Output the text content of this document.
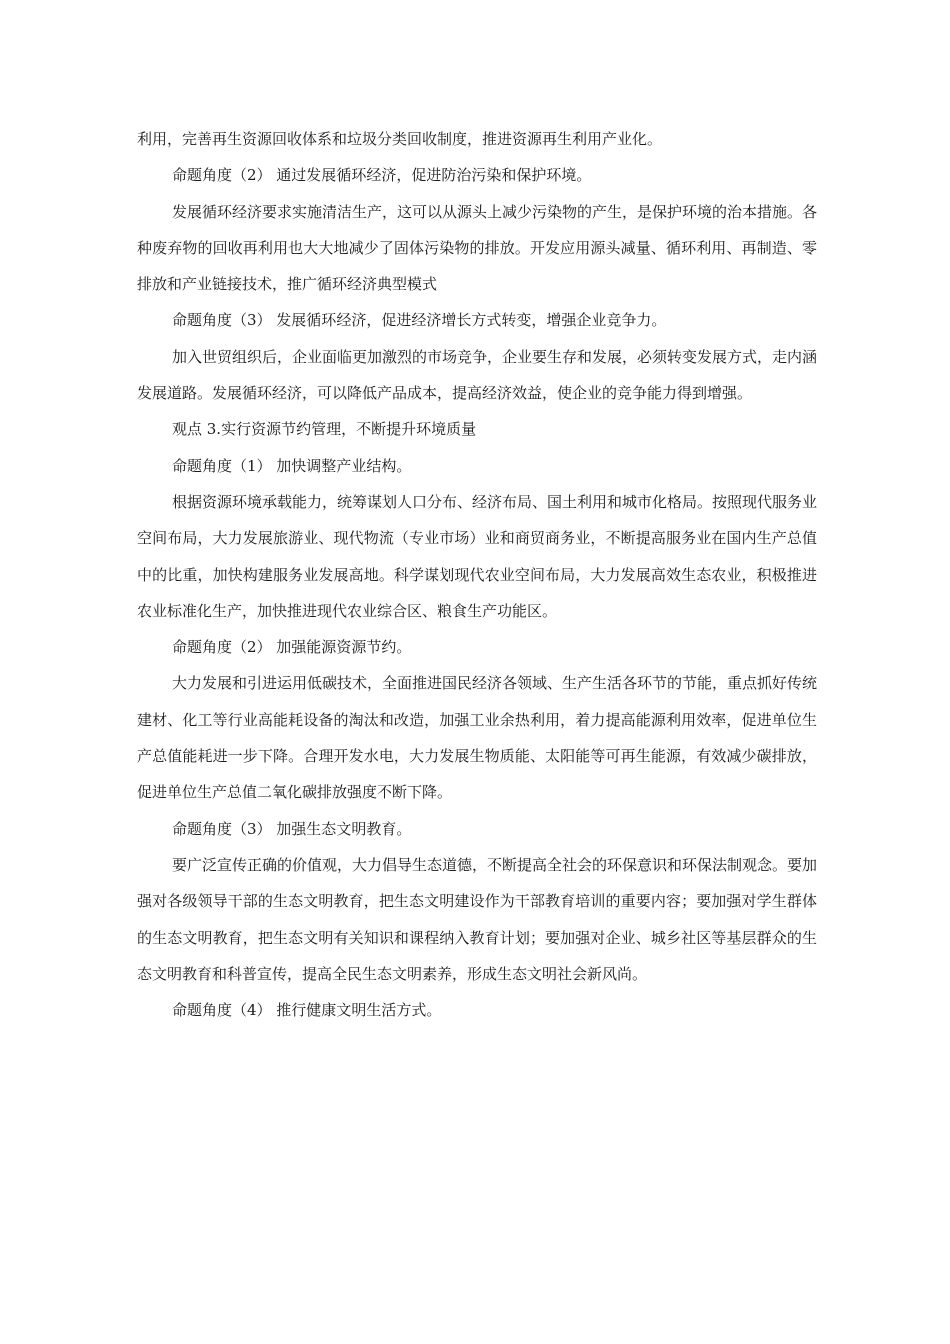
利用，完善再生资源回收体系和垃圾分类回收制度，推进资源再生利用产业化。

命题角度（2） 通过发展循环经济，促进防治污染和保护环境。

发展循环经济要求实施清洁生产，这可以从源头上减少污染物的产生，是保护环境的治本措施。各种废弃物的回收再利用也大大地减少了固体污染物的排放。开发应用源头减量、循环利用、再制造、零排放和产业链接技术，推广循环经济典型模式

命题角度（3） 发展循环经济，促进经济增长方式转变，增强企业竞争力。

加入世贸组织后，企业面临更加激烈的市场竞争，企业要生存和发展，必须转变发展方式，走内涵发展道路。发展循环经济，可以降低产品成本，提高经济效益，使企业的竞争能力得到增强。

观点 3.实行资源节约管理，不断提升环境质量

命题角度（1） 加快调整产业结构。

根据资源环境承载能力，统筹谋划人口分布、经济布局、国土利用和城市化格局。按照现代服务业空间布局，大力发展旅游业、现代物流（专业市场）业和商贸商务业，不断提高服务业在国内生产总值中的比重，加快构建服务业发展高地。科学谋划现代农业空间布局，大力发展高效生态农业，积极推进农业标准化生产，加快推进现代农业综合区、粮食生产功能区。

命题角度（2） 加强能源资源节约。

大力发展和引进运用低碳技术，全面推进国民经济各领域、生产生活各环节的节能，重点抓好传统建材、化工等行业高能耗设备的淘汰和改造，加强工业余热利用，着力提高能源利用效率，促进单位生产总值能耗进一步下降。合理开发水电，大力发展生物质能、太阳能等可再生能源，有效减少碳排放，促进单位生产总值二氧化碳排放强度不断下降。

命题角度（3） 加强生态文明教育。

要广泛宣传正确的价值观，大力倡导生态道德，不断提高全社会的环保意识和环保法制观念。要加强对各级领导干部的生态文明教育，把生态文明建设作为干部教育培训的重要内容；要加强对学生群体的生态文明教育，把生态文明有关知识和课程纳入教育计划；要加强对企业、城乡社区等基层群众的生态文明教育和科普宣传，提高全民生态文明素养，形成生态文明社会新风尚。

命题角度（4） 推行健康文明生活方式。
